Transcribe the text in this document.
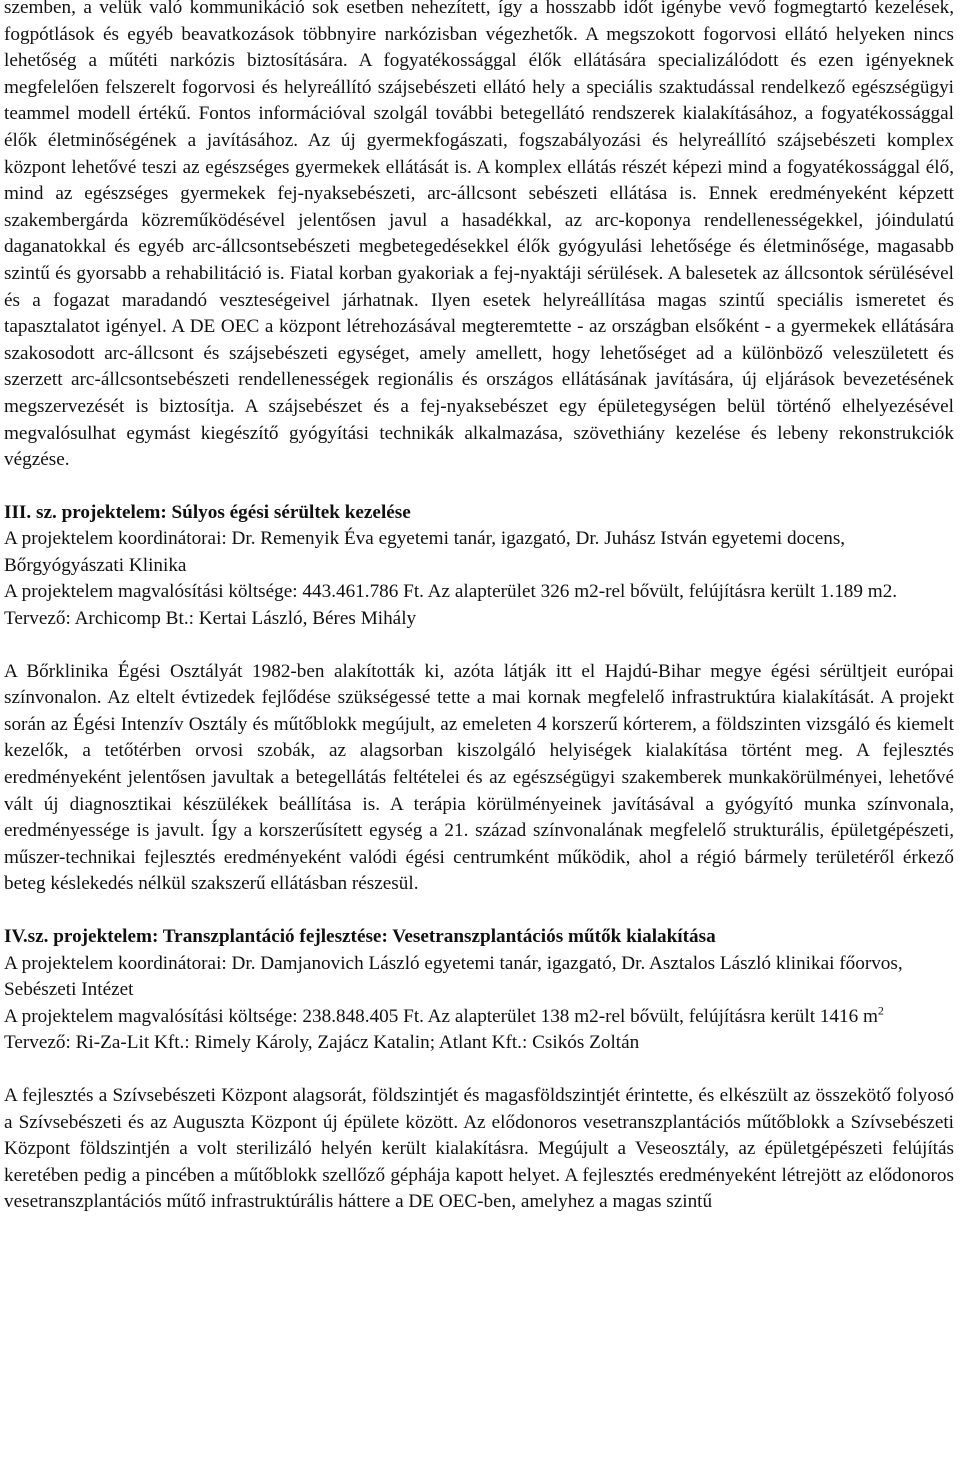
szemben, a velük való kommunikáció sok esetben nehezített, így a hosszabb időt igénybe vevő fogmegtartó kezelések, fogpótlások és egyéb beavatkozások többnyire narkózisban végezhetők. A megszokott fogorvosi ellátó helyeken nincs lehetőség a műtéti narkózis biztosítására. A fogyatékossággal élők ellátására specializálódott és ezen igényeknek megfelelően felszerelt fogorvosi és helyreállító szájsebészeti ellátó hely a speciális szaktudással rendelkező egészségügyi teammel modell értékű. Fontos információval szolgál további betegellátó rendszerek kialakításához, a fogyatékossággal élők életminőségének a javításához. Az új gyermekfogászati, fogszabályozási és helyreállító szájsebészeti komplex központ lehetővé teszi az egészséges gyermekek ellátását is. A komplex ellátás részét képezi mind a fogyatékossággal élő, mind az egészséges gyermekek fej-nyaksebészeti, arc-állcsont sebészeti ellátása is. Ennek eredményeként képzett szakembergárda közreműködésével jelentősen javul a hasadékkal, az arc-koponya rendellenességekkel, jóindulatú daganatokkal és egyéb arc-állcsontsebészeti megbetegedésekkel élők gyógyulási lehetősége és életminősége, magasabb szintű és gyorsabb a rehabilitáció is. Fiatal korban gyakoriak a fej-nyaktáji sérülések. A balesetek az állcsontok sérülésével és a fogazat maradandó veszteségeivel járhatnak. Ilyen esetek helyreállítása magas szintű speciális ismeretet és tapasztalatot igényel. A DE OEC a központ létrehozásával megteremtette - az országban elsőként - a gyermekek ellátására szakosodott arc-állcsont és szájsebészeti egységet, amely amellett, hogy lehetőséget ad a különböző veleszületett és szerzett arc-állcsontsebészeti rendellenességek regionális és országos ellátásának javítására, új eljárások bevezetésének megszervezését is biztosítja. A szájsebészet és a fej-nyaksebészet egy épületegységen belül történő elhelyezésével megvalósulhat egymást kiegészítő gyógyítási technikák alkalmazása, szövethiány kezelése és lebeny rekonstrukciók végzése.

III. sz. projektelem: Súlyos égési sérültek kezelése

A projektelem koordinátorai: Dr. Remenyik Éva egyetemi tanár, igazgató, Dr. Juhász István egyetemi docens, Bőrgyógyászati Klinika

A projektelem magvalósítási költsége: 443.461.786 Ft. Az alapterület 326 m2-rel bővült, felújításra került 1.189 m2.

Tervező: Archicomp Bt.: Kertai László, Béres Mihály

A Bőrklinika Égési Osztályát 1982-ben alakították ki, azóta látják itt el Hajdú-Bihar megye égési sérültjeit európai színvonalon. Az eltelt évtizedek fejlődése szükségessé tette a mai kornak megfelelő infrastruktúra kialakítását. A projekt során az Égési Intenzív Osztály és műtőblokk megújult, az emeleten 4 korszerű kórterem, a földszinten vizsgáló és kiemelt kezelők, a tetőtérben orvosi szobák, az alagsorban kiszolgáló helyiségek kialakítása történt meg. A fejlesztés eredményeként jelentősen javultak a betegellátás feltételei és az egészségügyi szakemberek munkakörülményei, lehetővé vált új diagnosztikai készülékek beállítása is. A terápia körülményeinek javításával a gyógyító munka színvonala, eredményessége is javult. Így a korszerűsített egység a 21. század színvonalának megfelelő strukturális, épületgépészeti, műszer-technikai fejlesztés eredményeként valódi égési centrumként működik, ahol a régió bármely területéről érkező beteg késlekedés nélkül szakszerű ellátásban részesül.

IV.sz. projektelem: Transzplantáció fejlesztése: Vesetranszplantációs műtők kialakítása

A projektelem koordinátorai: Dr. Damjanovich László egyetemi tanár, igazgató, Dr. Asztalos László klinikai főorvos, Sebészeti Intézet

A projektelem magvalósítási költsége: 238.848.405 Ft. Az alapterület 138 m2-rel bővült, felújításra került 1416 $m^2$

Tervező: Ri-Za-Lit Kft.: Rimely Károly, Zajácz Katalin; Atlant Kft.: Csikós Zoltán

A fejlesztés a Szívsebészeti Központ alagsorát, földszintjét és magasföldszintjét érintette, és elkészült az összekötő folyosó a Szívsebészeti és az Auguszta Központ új épülete között. Az elődonoros vesetranszplantációs műtőblokk a Szívsebészeti Központ földszintjén a volt sterilizáló helyén került kialakításra. Megújult a Veseosztály, az épületgépészeti felújítás keretében pedig a pincében a műtőblokk szellőző géphája kapott helyet. A fejlesztés eredményeként létrejött az elődonoros vesetranszplantációs műtő infrastruktúrális háttere a DE OEC-ben, amelyhez a magas szintű
